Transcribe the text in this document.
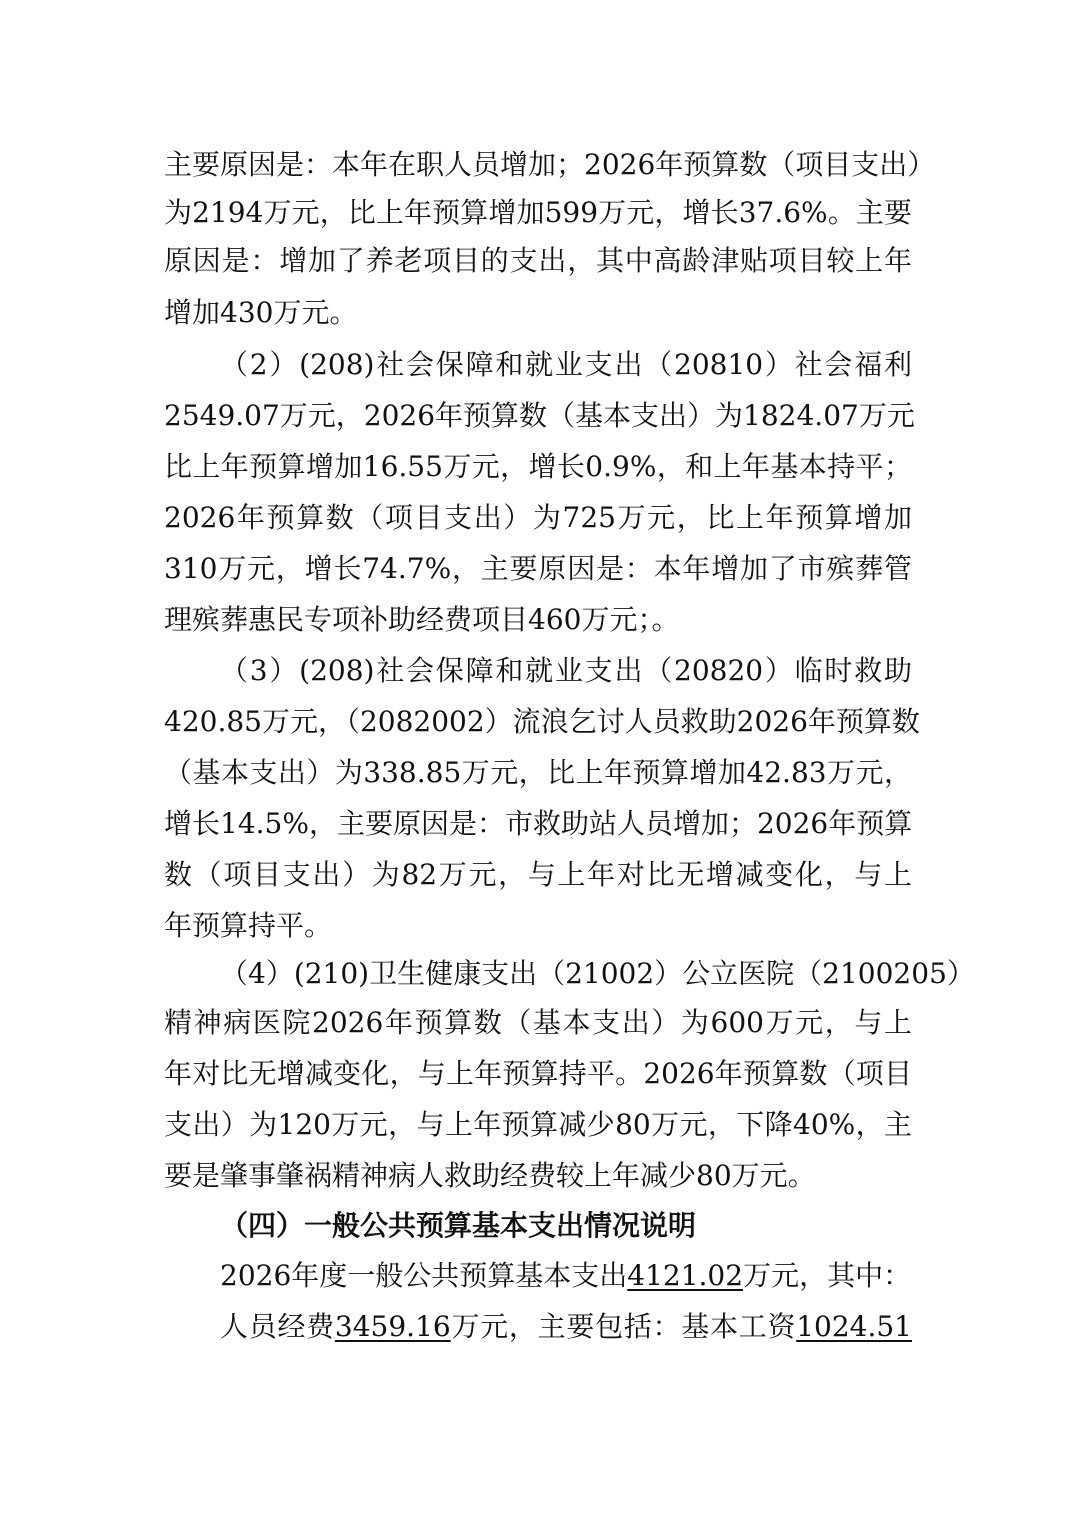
主要原因是：本年在职人员增加；2026年预算数（项目支出）
为2194万元，比上年预算增加599万元，增长37.6%。主要
原因是：增加了养老项目的支出，其中高龄津贴项目较上年
增加430万元。
（2）(208)社会保障和就业支出（20810）社会福利
2549.07万元，2026年预算数（基本支出）为1824.07万元
比上年预算增加16.55万元，增长0.9%，和上年基本持平；
2026年预算数（项目支出）为725万元，比上年预算增加
310万元，增长74.7%，主要原因是：本年增加了市殡葬管
理殡葬惠民专项补助经费项目460万元；。
（3）(208)社会保障和就业支出（20820）临时救助
420.85万元，（2082002）流浪乞讨人员救助2026年预算数
（基本支出）为338.85万元，比上年预算增加42.83万元，
增长14.5%，主要原因是：市救助站人员增加；2026年预算
数（项目支出）为82万元，与上年对比无增减变化，与上
年预算持平。
（4）(210)卫生健康支出（21002）公立医院（2100205）
精神病医院2026年预算数（基本支出）为600万元，与上
年对比无增减变化，与上年预算持平。2026年预算数（项目
支出）为120万元，与上年预算减少80万元，下降40%，主
要是肇事肇祸精神病人救助经费较上年减少80万元。
（四）一般公共预算基本支出情况说明
2026年度一般公共预算基本支出4121.02万元，其中：
人员经费3459.16万元，主要包括：基本工资1024.51
